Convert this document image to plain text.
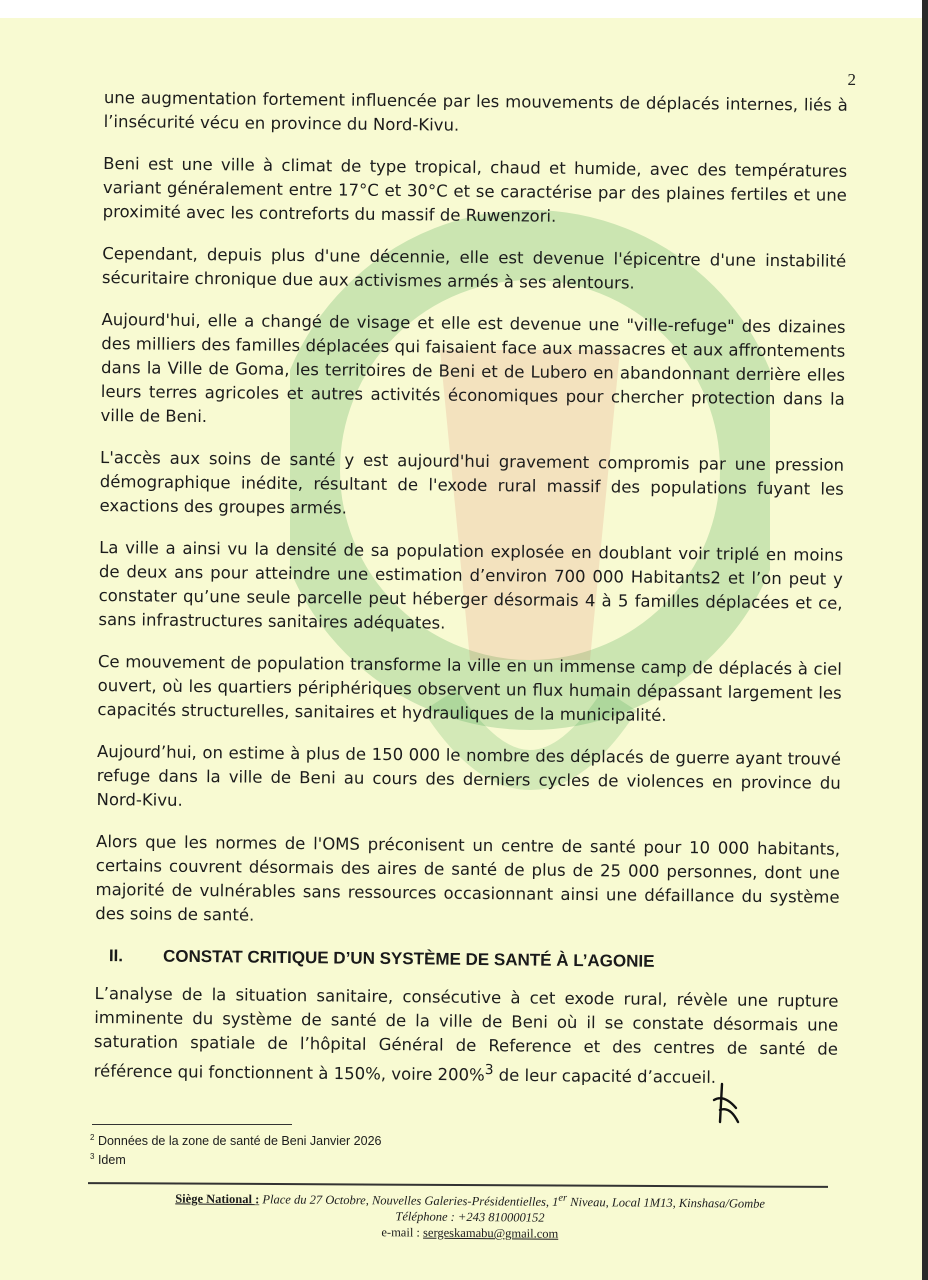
2

une augmentation fortement influencée par les mouvements de déplacés internes, liés à l’insécurité vécu en province du Nord-Kivu.

Beni est une ville à climat de type tropical, chaud et humide, avec des températures variant généralement entre 17°C et 30°C et se caractérise par des plaines fertiles et une proximité avec les contreforts du massif de Ruwenzori.

Cependant, depuis plus d'une décennie, elle est devenue l'épicentre d'une instabilité sécuritaire chronique due aux activismes armés à ses alentours.

Aujourd'hui, elle a changé de visage et elle est devenue une "ville-refuge" des dizaines des milliers des familles déplacées qui faisaient face aux massacres et aux affrontements dans la Ville de Goma, les territoires de Beni et de Lubero en abandonnant derrière elles leurs terres agricoles et autres activités économiques pour chercher protection dans la ville de Beni.

L'accès aux soins de santé y est aujourd'hui gravement compromis par une pression démographique inédite, résultant de l'exode rural massif des populations fuyant les exactions des groupes armés.

La ville a ainsi vu la densité de sa population explosée en doublant voir triplé en moins de deux ans pour atteindre une estimation d’environ 700 000 Habitants2 et l’on peut y constater qu’une seule parcelle peut héberger désormais 4 à 5 familles déplacées et ce, sans infrastructures sanitaires adéquates.

Ce mouvement de population transforme la ville en un immense camp de déplacés à ciel ouvert, où les quartiers périphériques observent un flux humain dépassant largement les capacités structurelles, sanitaires et hydrauliques de la municipalité.

Aujourd’hui, on estime à plus de 150 000 le nombre des déplacés de guerre ayant trouvé refuge dans la ville de Beni au cours des derniers cycles de violences en province du Nord-Kivu.

Alors que les normes de l'OMS préconisent un centre de santé pour 10 000 habitants, certains couvrent désormais des aires de santé de plus de 25 000 personnes, dont une majorité de vulnérables sans ressources occasionnant ainsi une défaillance du système des soins de santé.

II. CONSTAT CRITIQUE D’UN SYSTÈME DE SANTÉ À L’AGONIE

L’analyse de la situation sanitaire, consécutive à cet exode rural, révèle une rupture imminente du système de santé de la ville de Beni où il se constate désormais une saturation spatiale de l’hôpital Général de Reference et des centres de santé de référence qui fonctionnent à 150%, voire 200%$^3$ de leur capacité d’accueil.

$^2$ Données de la zone de santé de Beni Janvier 2026
$^3$ Idem
Siège National : Place du 27 Octobre, Nouvelles Galeries-Présidentielles, 1er Niveau, Local 1M13, Kinshasa/Gombe
Téléphone : +243 810000152
e-mail : sergeskamabu@gmail.com
